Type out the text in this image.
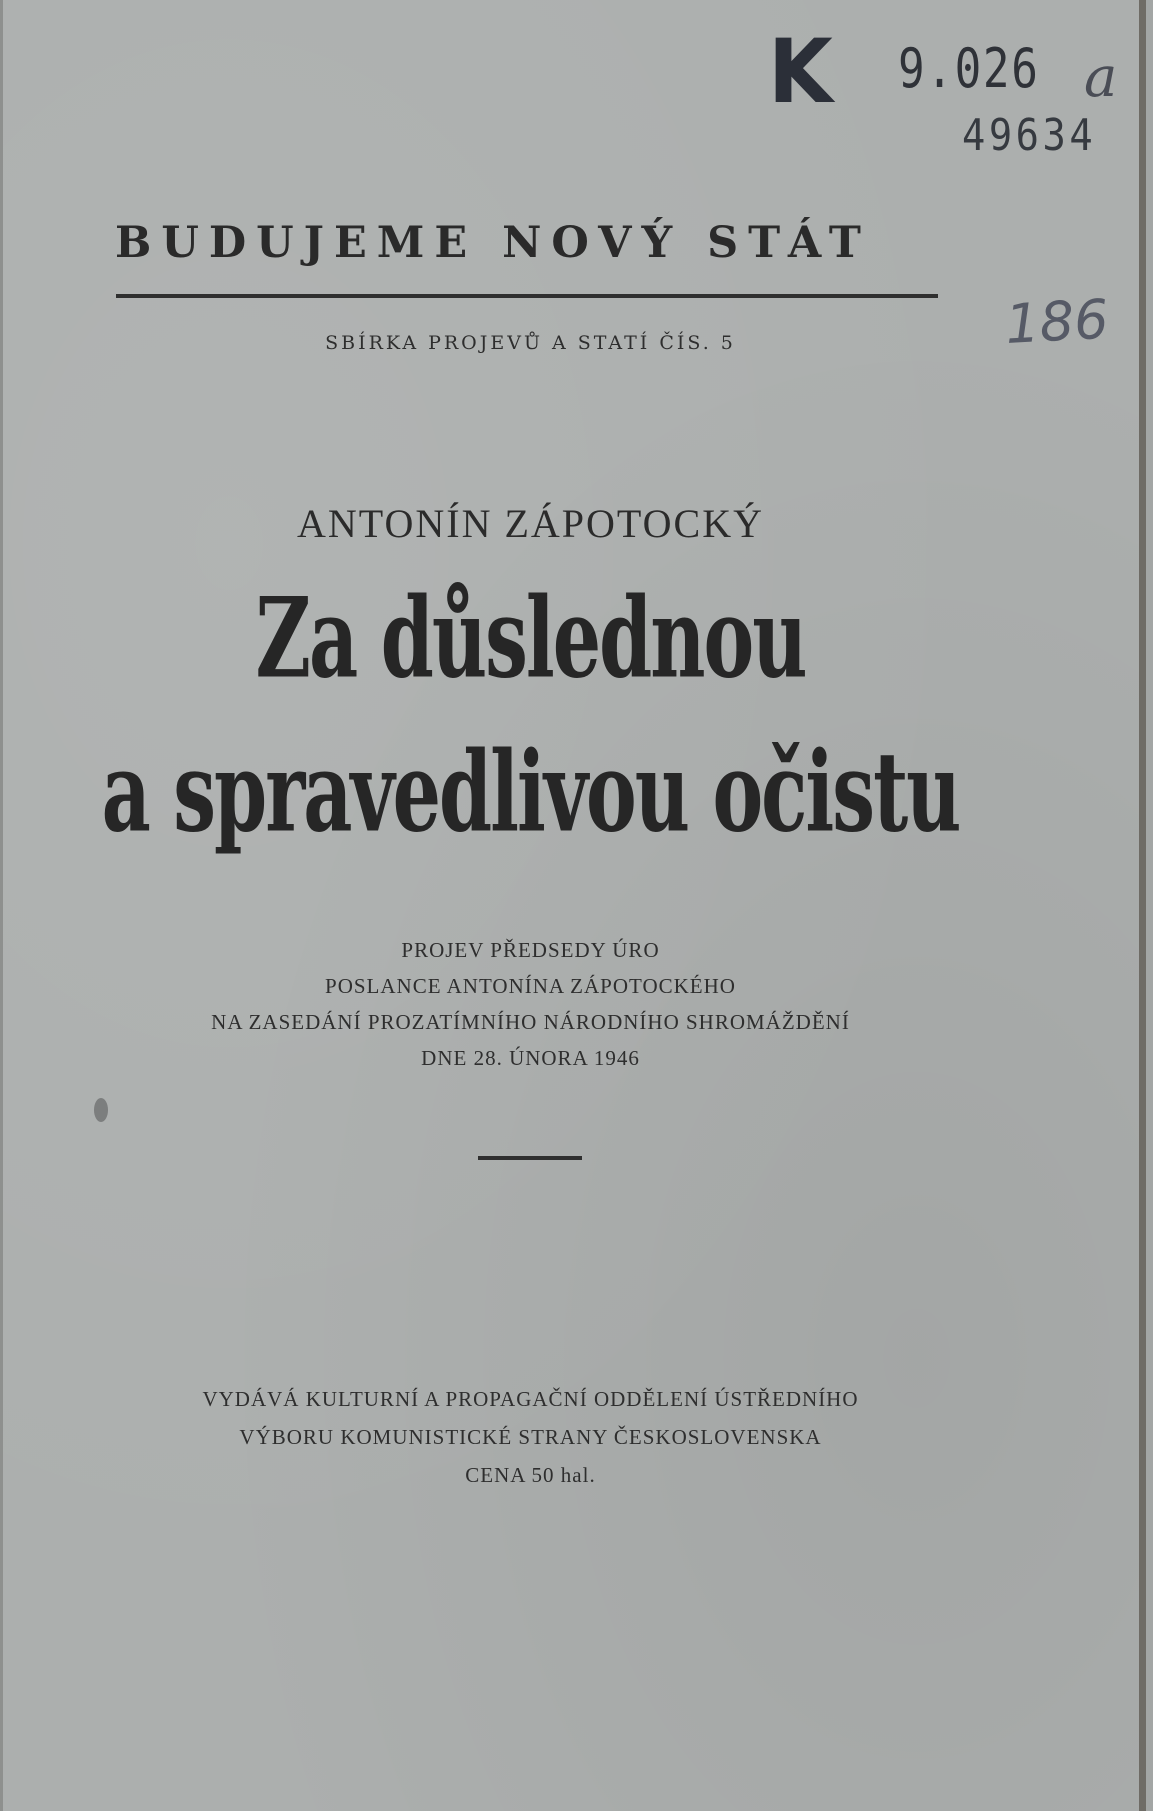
K 9.026
49634
a
186
BUDUJEME NOVÝ STÁT
SBÍRKA PROJEVŮ A STATÍ ČÍS. 5
ANTONÍN ZÁPOTOCKÝ
Za důslednou
a spravedlivou očistu
PROJEV PŘEDSEDY ÚRO
POSLANCE ANTONÍNA ZÁPOTOCKÉHO
NA ZASEDÁNÍ PROZATÍMNÍHO NÁRODNÍHO SHROMÁŽDĚNÍ
DNE 28. ÚNORA 1946
VYDÁVÁ KULTURNÍ A PROPAGAČNÍ ODDĚLENÍ ÚSTŘEDNÍHO
VÝBORU KOMUNISTICKÉ STRANY ČESKOSLOVENSKA
CENA 50 hal.
